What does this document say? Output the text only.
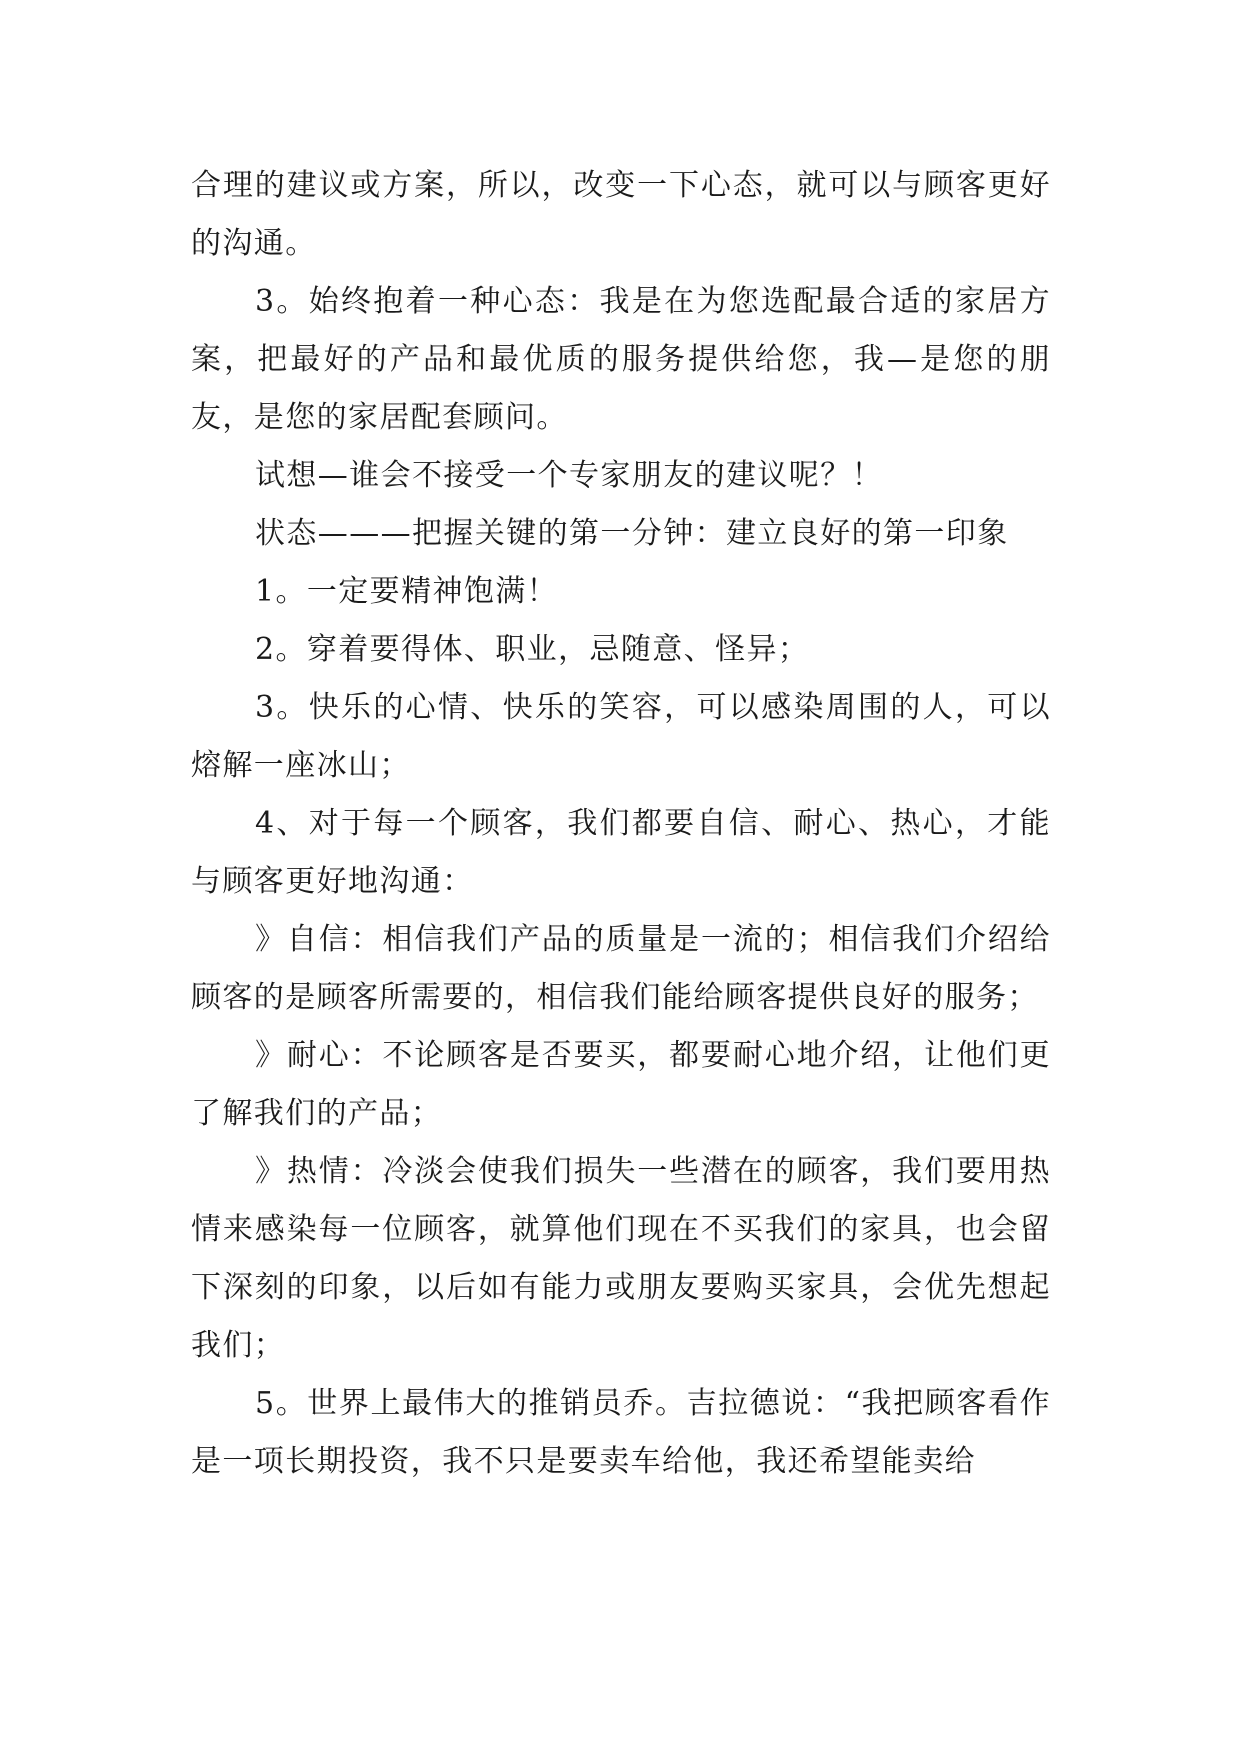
合理的建议或方案，所以，改变一下心态，就可以与顾客更好的沟通。

3。始终抱着一种心态：我是在为您选配最合适的家居方案，把最好的产品和最优质的服务提供给您，我—是您的朋友，是您的家居配套顾问。

试想—谁会不接受一个专家朋友的建议呢？！

状态———把握关键的第一分钟：建立良好的第一印象

1。一定要精神饱满！

2。穿着要得体、职业，忌随意、怪异；

3。快乐的心情、快乐的笑容，可以感染周围的人，可以熔解一座冰山；

4、对于每一个顾客，我们都要自信、耐心、热心，才能与顾客更好地沟通：

》自信：相信我们产品的质量是一流的；相信我们介绍给顾客的是顾客所需要的，相信我们能给顾客提供良好的服务；

》耐心：不论顾客是否要买，都要耐心地介绍，让他们更了解我们的产品；

》热情：冷淡会使我们损失一些潜在的顾客，我们要用热情来感染每一位顾客，就算他们现在不买我们的家具，也会留下深刻的印象，以后如有能力或朋友要购买家具，会优先想起我们；

5。世界上最伟大的推销员乔。吉拉德说：“我把顾客看作是一项长期投资，我不只是要卖车给他，我还希望能卖给
